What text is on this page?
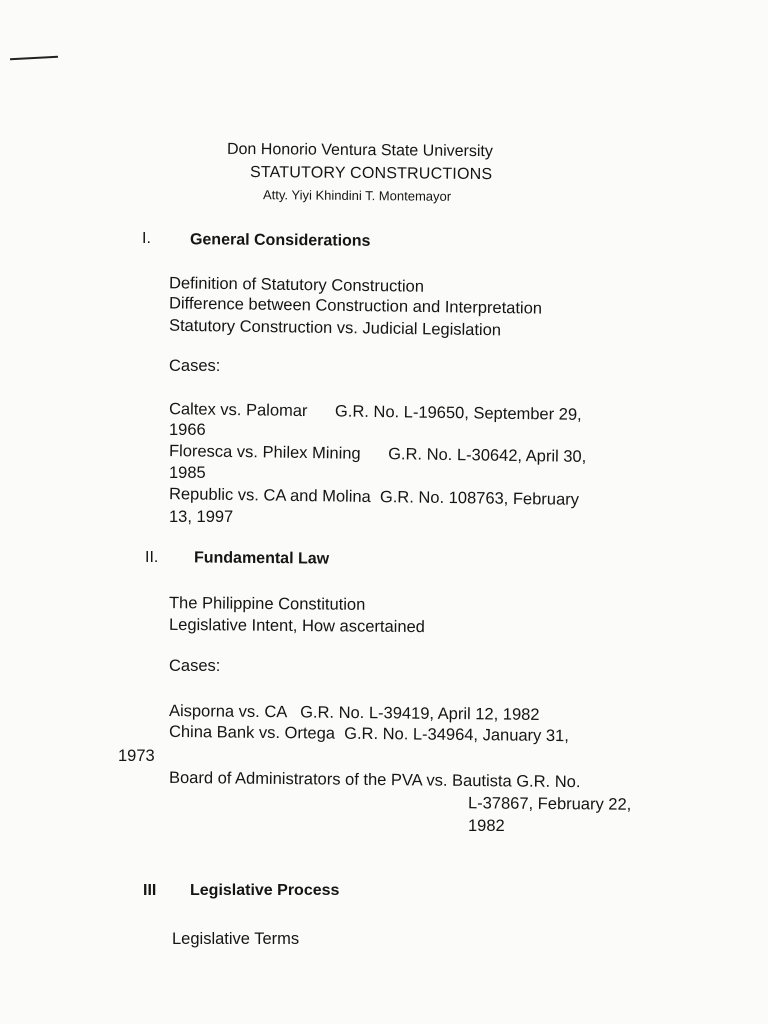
Don Honorio Ventura State University
STATUTORY CONSTRUCTIONS
Atty. Yiyi Khindini T. Montemayor
I. General Considerations
Definition of Statutory Construction
Difference between Construction and Interpretation
Statutory Construction vs. Judicial Legislation
Cases:
Caltex vs. Palomar      G.R. No. L-19650, September 29,
1966
Floresca vs. Philex Mining      G.R. No. L-30642, April 30,
1985
Republic vs. CA and Molina  G.R. No. 108763, February
13, 1997
II. Fundamental Law
The Philippine Constitution
Legislative Intent, How ascertained
Cases:
Aisporna vs. CA   G.R. No. L-39419, April 12, 1982
China Bank vs. Ortega  G.R. No. L-34964, January 31,
1973
Board of Administrators of the PVA vs. Bautista G.R. No.
L-37867, February 22,
1982
III Legislative Process
Legislative Terms
